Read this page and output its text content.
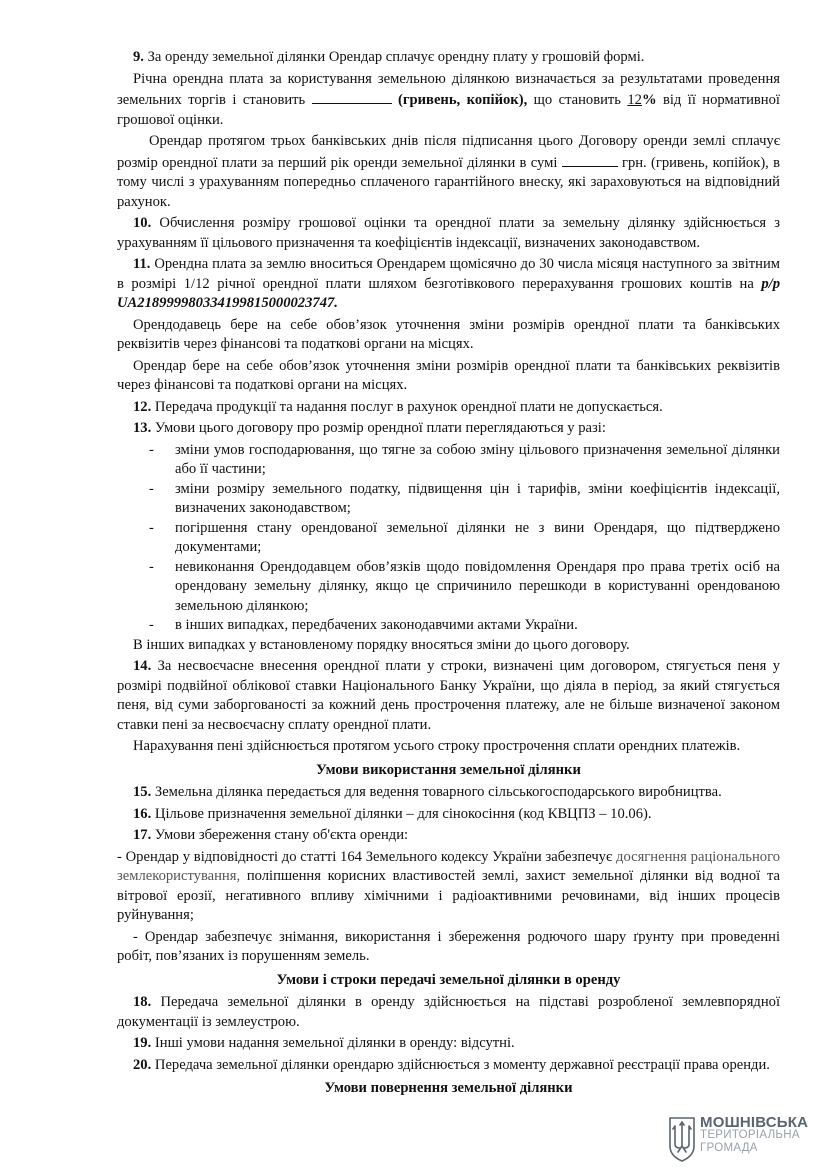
9. За оренду земельної ділянки Орендар сплачує орендну плату у грошовій формі.

Річна орендна плата за користування земельною ділянкою визначається за результатами проведення земельних торгів і становить	(гривень, копійок), що становить 12% від її нормативної грошової оцінки.

Орендар протягом трьох банківських днів після підписання цього Договору оренди землі сплачує розмір орендної плати за перший рік оренди земельної ділянки в сумі	грн. (гривень, копійок), в тому числі з урахуванням попередньо сплаченого гарантійного внеску, які зараховуються на відповідний рахунок.

10. Обчислення розміру грошової оцінки та орендної плати за земельну ділянку здійснюється з урахуванням її цільового призначення та коефіцієнтів індексації, визначених законодавством.

11. Орендна плата за землю вноситься Орендарем щомісячно до 30 числа місяця наступного за звітним в розмірі 1/12 річної орендної плати шляхом безготівкового перерахування грошових коштів на р/р UA218999980334199815000023747.

Орендодавець бере на себе обов’язок уточнення зміни розмірів орендної плати та банківських реквізитів через фінансові та податкові органи на місцях.

Орендар бере на себе обов’язок уточнення зміни розмірів орендної плати та банківських реквізитів через фінансові та податкові органи на місцях.

12. Передача продукції та надання послуг в рахунок орендної плати не допускається.

13. Умови цього договору про розмір орендної плати переглядаються у разі:

- зміни умов господарювання, що тягне за собою зміну цільового призначення земельної ділянки або її частини;
- зміни розміру земельного податку, підвищення цін і тарифів, зміни коефіцієнтів індексації, визначених законодавством;
- погіршення стану орендованої земельної ділянки не з вини Орендаря, що підтверджено документами;
- невиконання Орендодавцем обов’язків щодо повідомлення Орендаря про права третіх осіб на орендовану земельну ділянку, якщо це спричинило перешкоди в користуванні орендованою земельною ділянкою;
- в інших випадках, передбачених законодавчими актами України.

В інших випадках у встановленому порядку вносяться зміни до цього договору.

14. За несвоєчасне внесення орендної плати у строки, визначені цим договором, стягується пеня у розмірі подвійної облікової ставки Національного Банку України, що діяла в період, за який стягується пеня, від суми заборгованості за кожний день прострочення платежу, але не більше визначеної законом ставки пені за несвоєчасну сплату орендної плати.

Нарахування пені здійснюється протягом усього строку прострочення сплати орендних платежів.

Умови використання земельної ділянки

15. Земельна ділянка передається для ведення товарного сільськогосподарського виробництва.

16. Цільове призначення земельної ділянки – для сінокосіння (код КВЦПЗ – 10.06).

17. Умови збереження стану об'єкта оренди:

- Орендар у відповідності до статті 164 Земельного кодексу України забезпечує досягнення раціонального землекористування, поліпшення корисних властивостей землі, захист земельної ділянки від водної та вітрової ерозії, негативного впливу хімічними і радіоактивними речовинами, від інших процесів руйнування;

- Орендар забезпечує знімання, використання і збереження родючого шару ґрунту при проведенні робіт, пов’язаних із порушенням земель.

Умови і строки передачі земельної ділянки в оренду

18. Передача земельної ділянки в оренду здійснюється на підставі розробленої землевпорядної документації із землеустрою.

19. Інші умови надання земельної ділянки в оренду: відсутні.

20. Передача земельної ділянки орендарю здійснюється з моменту державної реєстрації права оренди.

Умови повернення земельної ділянки
МОШНІВСЬКА
ТЕРИТОРІАЛЬНА
ГРОМАДА
